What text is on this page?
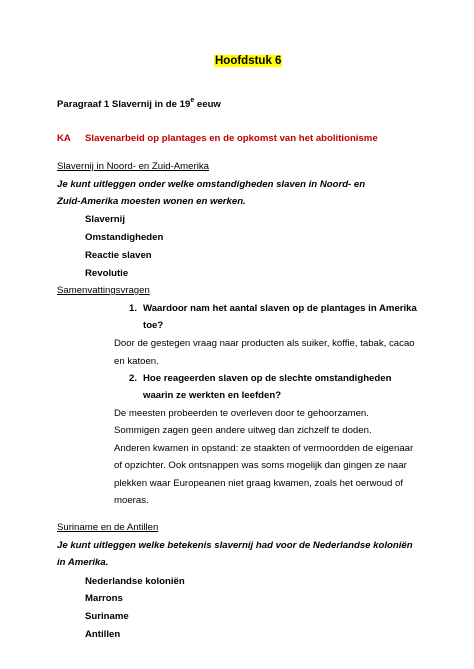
Hoofdstuk 6
Paragraaf 1 Slavernij in de 19e eeuw
KA Slavenarbeid op plantages en de opkomst van het abolitionisme
Slavernij in Noord- en Zuid-Amerika
Je kunt uitleggen onder welke omstandigheden slaven in Noord- en
Zuid-Amerika moesten wonen en werken.
Slavernij
Omstandigheden
Reactie slaven
Revolutie
Samenvattingsvragen
1. Waardoor nam het aantal slaven op de plantages in Amerika
toe?
Door de gestegen vraag naar producten als suiker, koffie, tabak, cacao
en katoen.
2. Hoe reageerden slaven op de slechte omstandigheden
waarin ze werkten en leefden?
De meesten probeerden te overleven door te gehoorzamen.
Sommigen zagen geen andere uitweg dan zichzelf te doden.
Anderen kwamen in opstand: ze staakten of vermoordden de eigenaar
of opzichter. Ook ontsnappen was soms mogelijk dan gingen ze naar
plekken waar Europeanen niet graag kwamen, zoals het oerwoud of
moeras.
Suriname en de Antillen
Je kunt uitleggen welke betekenis slavernij had voor de Nederlandse koloniën
in Amerika.
Nederlandse koloniën
Marrons
Suriname
Antillen
